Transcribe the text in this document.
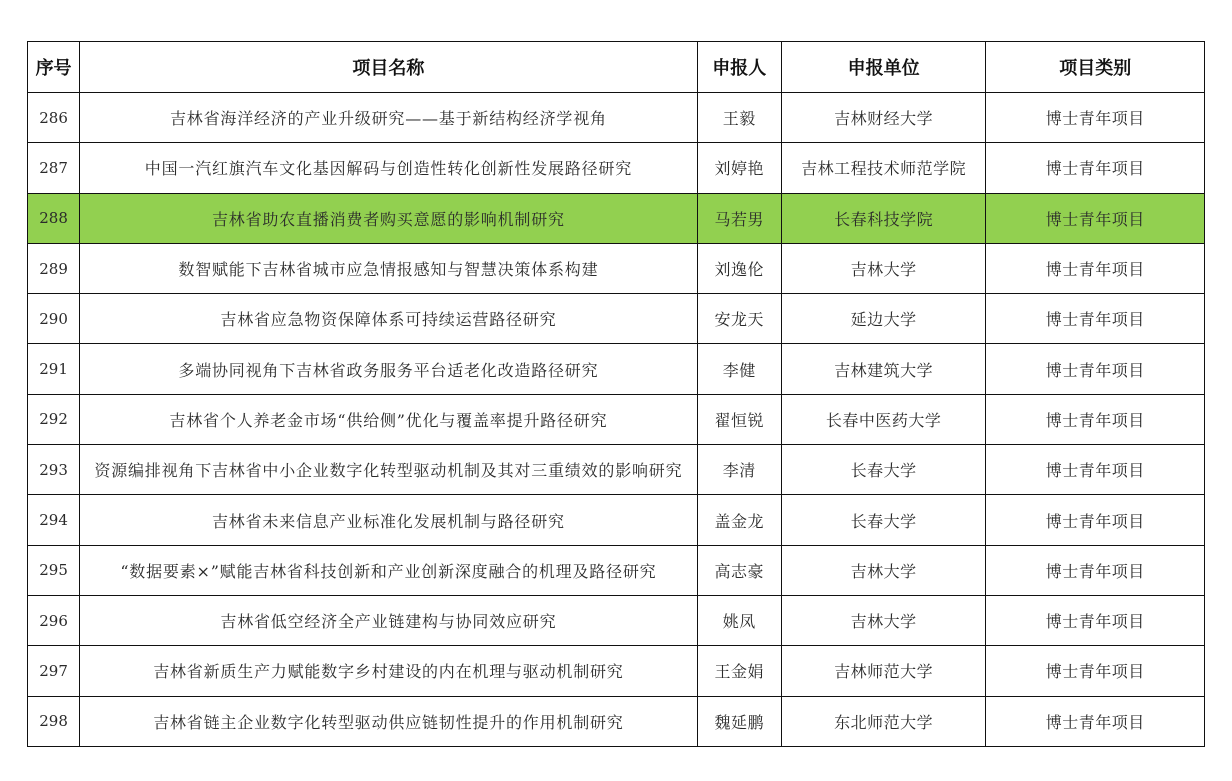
序号	项目名称	申报人	申报单位	项目类别
286	吉林省海洋经济的产业升级研究——基于新结构经济学视角	王毅	吉林财经大学	博士青年项目
287	中国一汽红旗汽车文化基因解码与创造性转化创新性发展路径研究	刘婷艳	吉林工程技术师范学院	博士青年项目
288	吉林省助农直播消费者购买意愿的影响机制研究	马若男	长春科技学院	博士青年项目
289	数智赋能下吉林省城市应急情报感知与智慧决策体系构建	刘逸伦	吉林大学	博士青年项目
290	吉林省应急物资保障体系可持续运营路径研究	安龙天	延边大学	博士青年项目
291	多端协同视角下吉林省政务服务平台适老化改造路径研究	李健	吉林建筑大学	博士青年项目
292	吉林省个人养老金市场“供给侧”优化与覆盖率提升路径研究	翟恒锐	长春中医药大学	博士青年项目
293	资源编排视角下吉林省中小企业数字化转型驱动机制及其对三重绩效的影响研究	李清	长春大学	博士青年项目
294	吉林省未来信息产业标准化发展机制与路径研究	盖金龙	长春大学	博士青年项目
295	“数据要素×”赋能吉林省科技创新和产业创新深度融合的机理及路径研究	高志豪	吉林大学	博士青年项目
296	吉林省低空经济全产业链建构与协同效应研究	姚凤	吉林大学	博士青年项目
297	吉林省新质生产力赋能数字乡村建设的内在机理与驱动机制研究	王金娟	吉林师范大学	博士青年项目
298	吉林省链主企业数字化转型驱动供应链韧性提升的作用机制研究	魏延鹏	东北师范大学	博士青年项目
